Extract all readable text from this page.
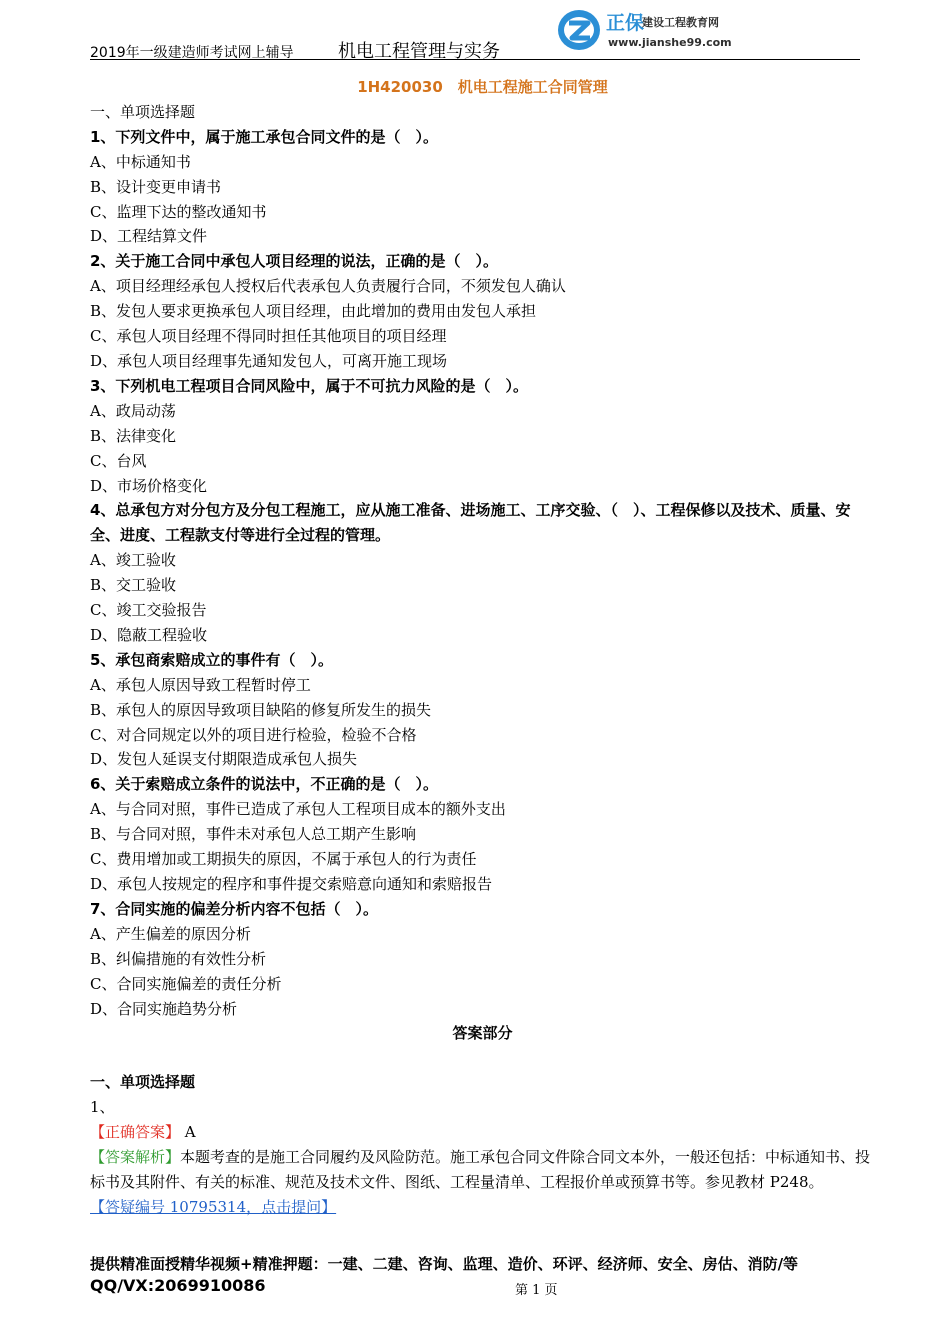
2019年一级建造师考试网上辅导 机电工程管理与实务
正保
建设工程教育网
www.jianshe99.com
1H420030　机电工程施工合同管理
一、单项选择题
1、下列文件中，属于施工承包合同文件的是（　）。
A、中标通知书
B、设计变更申请书
C、监理下达的整改通知书
D、工程结算文件
2、关于施工合同中承包人项目经理的说法，正确的是（　）。
A、项目经理经承包人授权后代表承包人负责履行合同，不须发包人确认
B、发包人要求更换承包人项目经理，由此增加的费用由发包人承担
C、承包人项目经理不得同时担任其他项目的项目经理
D、承包人项目经理事先通知发包人，可离开施工现场
3、下列机电工程项目合同风险中，属于不可抗力风险的是（　）。
A、政局动荡
B、法律变化
C、台风
D、市场价格变化
4、总承包方对分包方及分包工程施工，应从施工准备、进场施工、工序交验、（　）、工程保修以及技术、质量、安全、进度、工程款支付等进行全过程的管理。
A、竣工验收
B、交工验收
C、竣工交验报告
D、隐蔽工程验收
5、承包商索赔成立的事件有（　）。
A、承包人原因导致工程暂时停工
B、承包人的原因导致项目缺陷的修复所发生的损失
C、对合同规定以外的项目进行检验，检验不合格
D、发包人延误支付期限造成承包人损失
6、关于索赔成立条件的说法中，不正确的是（　）。
A、与合同对照，事件已造成了承包人工程项目成本的额外支出
B、与合同对照，事件未对承包人总工期产生影响
C、费用增加或工期损失的原因，不属于承包人的行为责任
D、承包人按规定的程序和事件提交索赔意向通知和索赔报告
7、合同实施的偏差分析内容不包括（　）。
A、产生偏差的原因分析
B、纠偏措施的有效性分析
C、合同实施偏差的责任分析
D、合同实施趋势分析
答案部分
一、单项选择题
1、
【正确答案】 A
【答案解析】本题考查的是施工合同履约及风险防范。施工承包合同文件除合同文本外，一般还包括：中标通知书、投标书及其附件、有关的标准、规范及技术文件、图纸、工程量清单、工程报价单或预算书等。参见教材 P248。
【答疑编号 10795314，点击提问】
提供精准面授精华视频+精准押题：一建、二建、咨询、监理、造价、环评、经济师、安全、房估、消防/等
QQ/VX:2069910086	第 1 页
